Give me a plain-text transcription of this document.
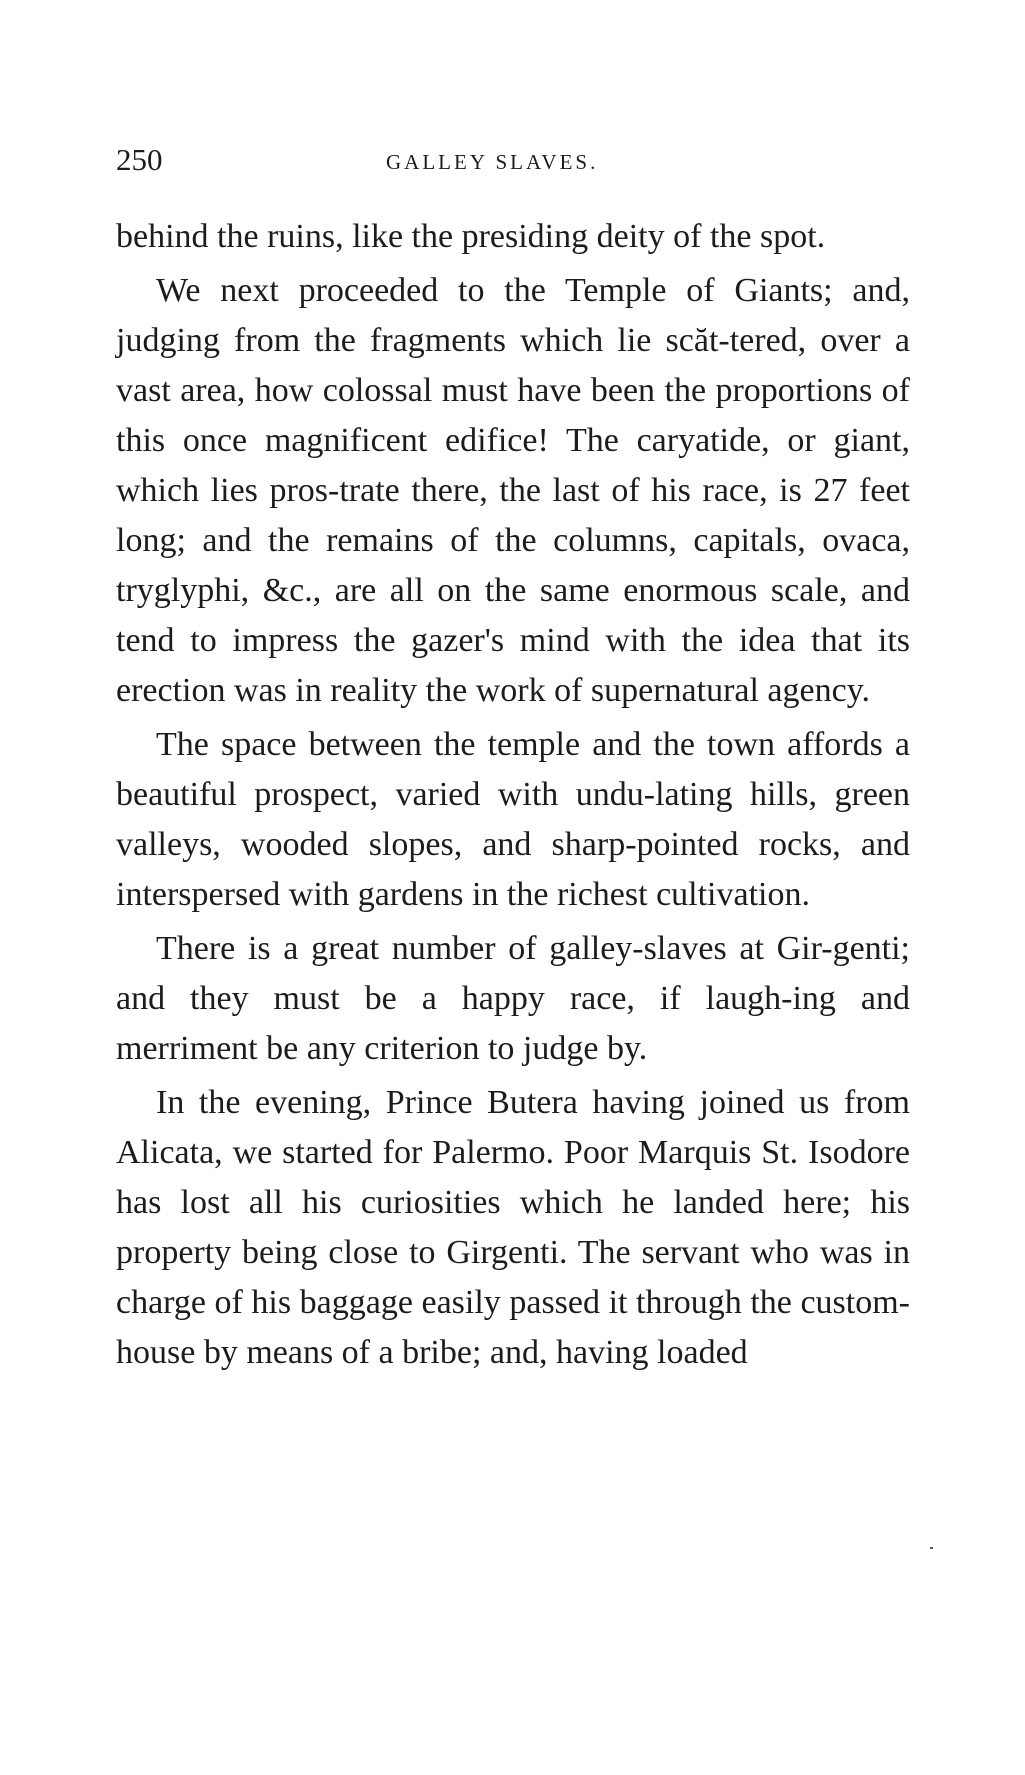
250	GALLEY SLAVES.

behind the ruins, like the presiding deity of the spot.

We next proceeded to the Temple of Giants; and, judging from the fragments which lie scăt-tered, over a vast area, how colossal must have been the proportions of this once magnificent edifice! The caryatide, or giant, which lies pros-trate there, the last of his race, is 27 feet long; and the remains of the columns, capitals, ovaca, tryglyphi, &c., are all on the same enormous scale, and tend to impress the gazer's mind with the idea that its erection was in reality the work of supernatural agency.

The space between the temple and the town affords a beautiful prospect, varied with undu-lating hills, green valleys, wooded slopes, and sharp-pointed rocks, and interspersed with gardens in the richest cultivation.

There is a great number of galley-slaves at Gir-genti; and they must be a happy race, if laugh-ing and merriment be any criterion to judge by.

In the evening, Prince Butera having joined us from Alicata, we started for Palermo. Poor Marquis St. Isodore has lost all his curiosities which he landed here; his property being close to Girgenti. The servant who was in charge of his baggage easily passed it through the custom-house by means of a bribe; and, having loaded
